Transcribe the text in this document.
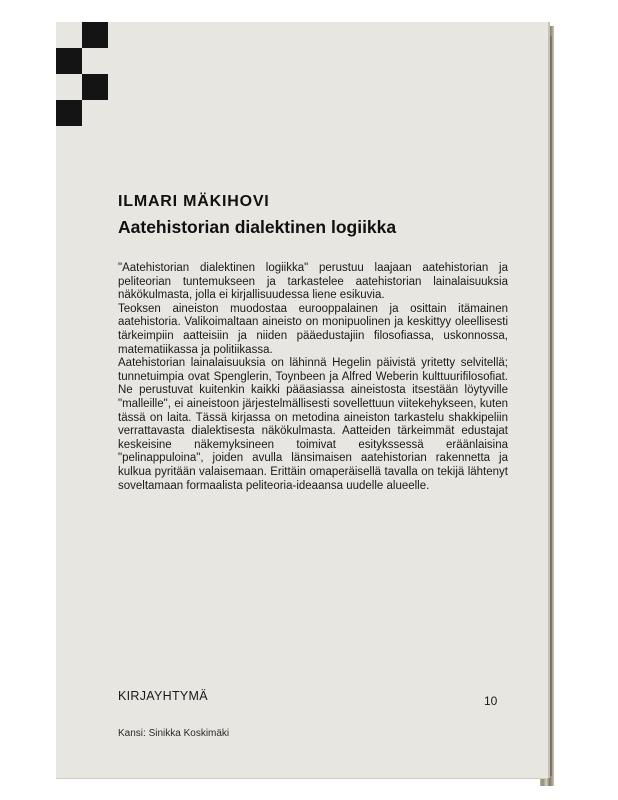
ILMARI MÄKIHOVI
Aatehistorian dialektinen logiikka

"Aatehistorian dialektinen logiikka" perustuu laajaan aatehistorian ja peliteorian tuntemukseen ja tarkastelee aatehistorian lainalaisuuksia näkökulmasta, jolla ei kirjallisuudessa liene esikuvia.

Teoksen aineiston muodostaa eurooppalainen ja osittain itämainen aatehistoria. Valikoimaltaan aineisto on monipuolinen ja keskittyy oleellisesti tärkeimpiin aatteisiin ja niiden pääedustajiin filosofiassa, uskonnossa, matematiikassa ja politiikassa.

Aatehistorian lainalaisuuksia on lähinnä Hegelin päivistä yritetty selvitellä; tunnetuimpia ovat Spenglerin, Toynbeen ja Alfred Weberin kulttuurifilosofiat. Ne perustuvat kuitenkin kaikki pääasiassa aineistosta itsestään löytyville "malleille", ei aineistoon järjestelmällisesti sovellettuun viitekehykseen, kuten tässä on laita. Tässä kirjassa on metodina aineiston tarkastelu shakkipeliin verrattavasta dialektisesta näkökulmasta. Aatteiden tärkeimmät edustajat keskeisine näkemyksineen toimivat esitykssessä eräänlaisina "pelinappuloina", joiden avulla länsimaisen aatehistorian rakennetta ja kulkua pyritään valaisemaan. Erittäin omaperäisellä tavalla on tekijä lähtenyt soveltamaan formaalista peliteoria-ideaansa uudelle alueelle.

KIRJAYHTYMÄ	10
Kansi: Sinikka Koskimäki
